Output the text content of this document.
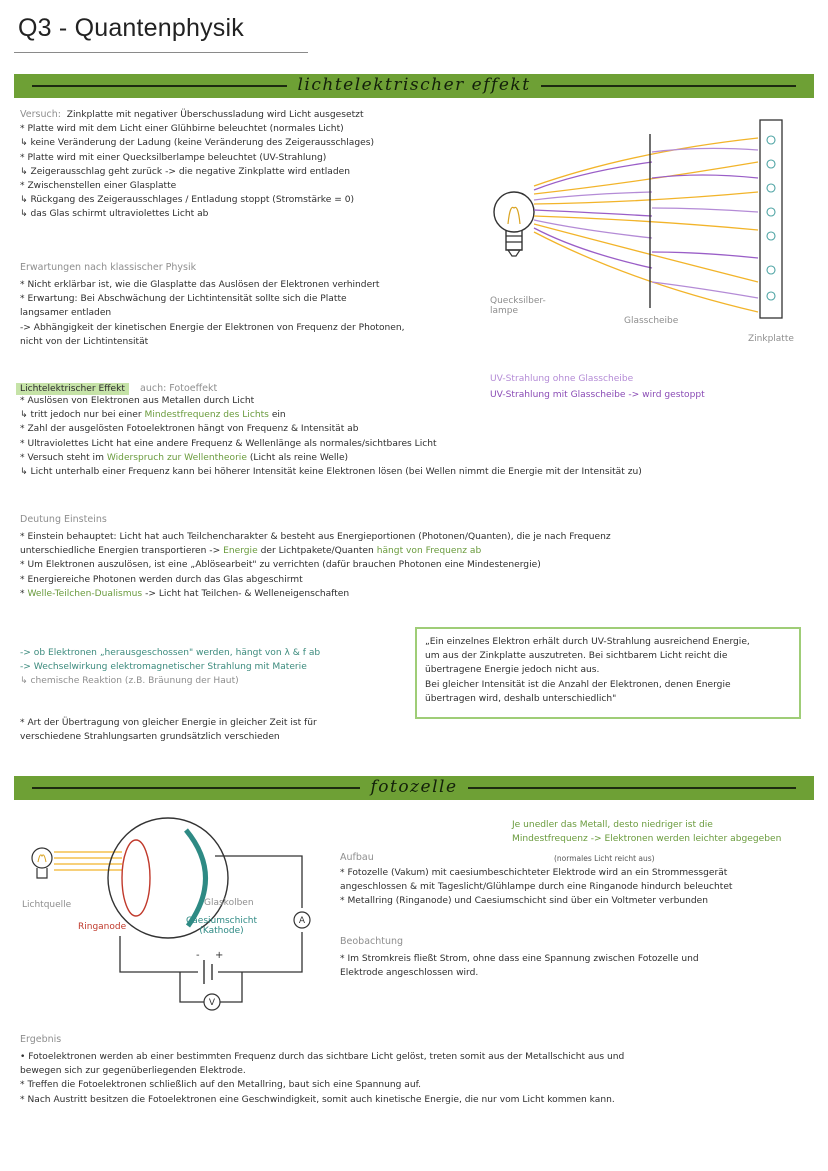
Q3 - Quantenphysik
lichtelektrischer effekt
Versuch: Zinkplatte mit negativer Überschussladung wird Licht ausgesetzt
* Platte wird mit dem Licht einer Glühbirne beleuchtet (normales Licht)
↳ keine Veränderung der Ladung (keine Veränderung des Zeigerausschlages)
* Platte wird mit einer Quecksilberlampe beleuchtet (UV-Strahlung)
↳ Zeigerausschlag geht zurück -> die negative Zinkplatte wird entladen
* Zwischenstellen einer Glasplatte
↳ Rückgang des Zeigerausschlages / Entladung stoppt (Stromstärke = 0)
↳ das Glas schirmt ultraviolettes Licht ab
Erwartungen nach klassischer Physik
* Nicht erklärbar ist, wie die Glasplatte das Auslösen der Elektronen verhindert
* Erwartung: Bei Abschwächung der Lichtintensität sollte sich die Platte
langsamer entladen
-> Abhängigkeit der kinetischen Energie der Elektronen von Frequenz der Photonen,
nicht von der Lichtintensität
Quecksilber-
lampe
Glasscheibe
Zinkplatte
UV-Strahlung ohne Glasscheibe
UV-Strahlung mit Glasscheibe -> wird gestoppt
Lichtelektrischer Effekt auch: Fotoeffekt
* Auslösen von Elektronen aus Metallen durch Licht
↳ tritt jedoch nur bei einer Mindestfrequenz des Lichts ein
* Zahl der ausgelösten Fotoelektronen hängt von Frequenz & Intensität ab
* Ultraviolettes Licht hat eine andere Frequenz & Wellenlänge als normales/sichtbares Licht
* Versuch steht im Widerspruch zur Wellentheorie (Licht als reine Welle)
↳ Licht unterhalb einer Frequenz kann bei höherer Intensität keine Elektronen lösen (bei Wellen nimmt die Energie mit der Intensität zu)
Deutung Einsteins
* Einstein behauptet: Licht hat auch Teilchencharakter & besteht aus Energieportionen (Photonen/Quanten), die je nach Frequenz
unterschiedliche Energien transportieren -> Energie der Lichtpakete/Quanten hängt von Frequenz ab
* Um Elektronen auszulösen, ist eine „Ablösearbeit" zu verrichten (dafür brauchen Photonen eine Mindestenergie)
* Energiereiche Photonen werden durch das Glas abgeschirmt
* Welle-Teilchen-Dualismus -> Licht hat Teilchen- & Welleneigenschaften
-> ob Elektronen „herausgeschossen" werden, hängt von λ & f ab
-> Wechselwirkung elektromagnetischer Strahlung mit Materie
↳ chemische Reaktion (z.B. Bräunung der Haut)
* Art der Übertragung von gleicher Energie in gleicher Zeit ist für
verschiedene Strahlungsarten grundsätzlich verschieden
„Ein einzelnes Elektron erhält durch UV-Strahlung ausreichend Energie,
um aus der Zinkplatte auszutreten. Bei sichtbarem Licht reicht die
übertragene Energie jedoch nicht aus.
Bei gleicher Intensität ist die Anzahl der Elektronen, denen Energie
übertragen wird, deshalb unterschiedlich"
fotozelle
A
V
- +
Lichtquelle
Ringanode
Glaskolben
Caesiumschicht
(Kathode)
Je unedler das Metall, desto niedriger ist die
Mindestfrequenz -> Elektronen werden leichter abgegeben
(normales Licht reicht aus)
Aufbau
* Fotozelle (Vakum) mit caesiumbeschichteter Elektrode wird an ein Strommessgerät
angeschlossen & mit Tageslicht/Glühlampe durch eine Ringanode hindurch beleuchtet
* Metallring (Ringanode) und Caesiumschicht sind über ein Voltmeter verbunden
Beobachtung
* Im Stromkreis fließt Strom, ohne dass eine Spannung zwischen Fotozelle und
Elektrode angeschlossen wird.
Ergebnis
• Fotoelektronen werden ab einer bestimmten Frequenz durch das sichtbare Licht gelöst, treten somit aus der Metallschicht aus und
bewegen sich zur gegenüberliegenden Elektrode.
* Treffen die Fotoelektronen schließlich auf den Metallring, baut sich eine Spannung auf.
* Nach Austritt besitzen die Fotoelektronen eine Geschwindigkeit, somit auch kinetische Energie, die nur vom Licht kommen kann.
